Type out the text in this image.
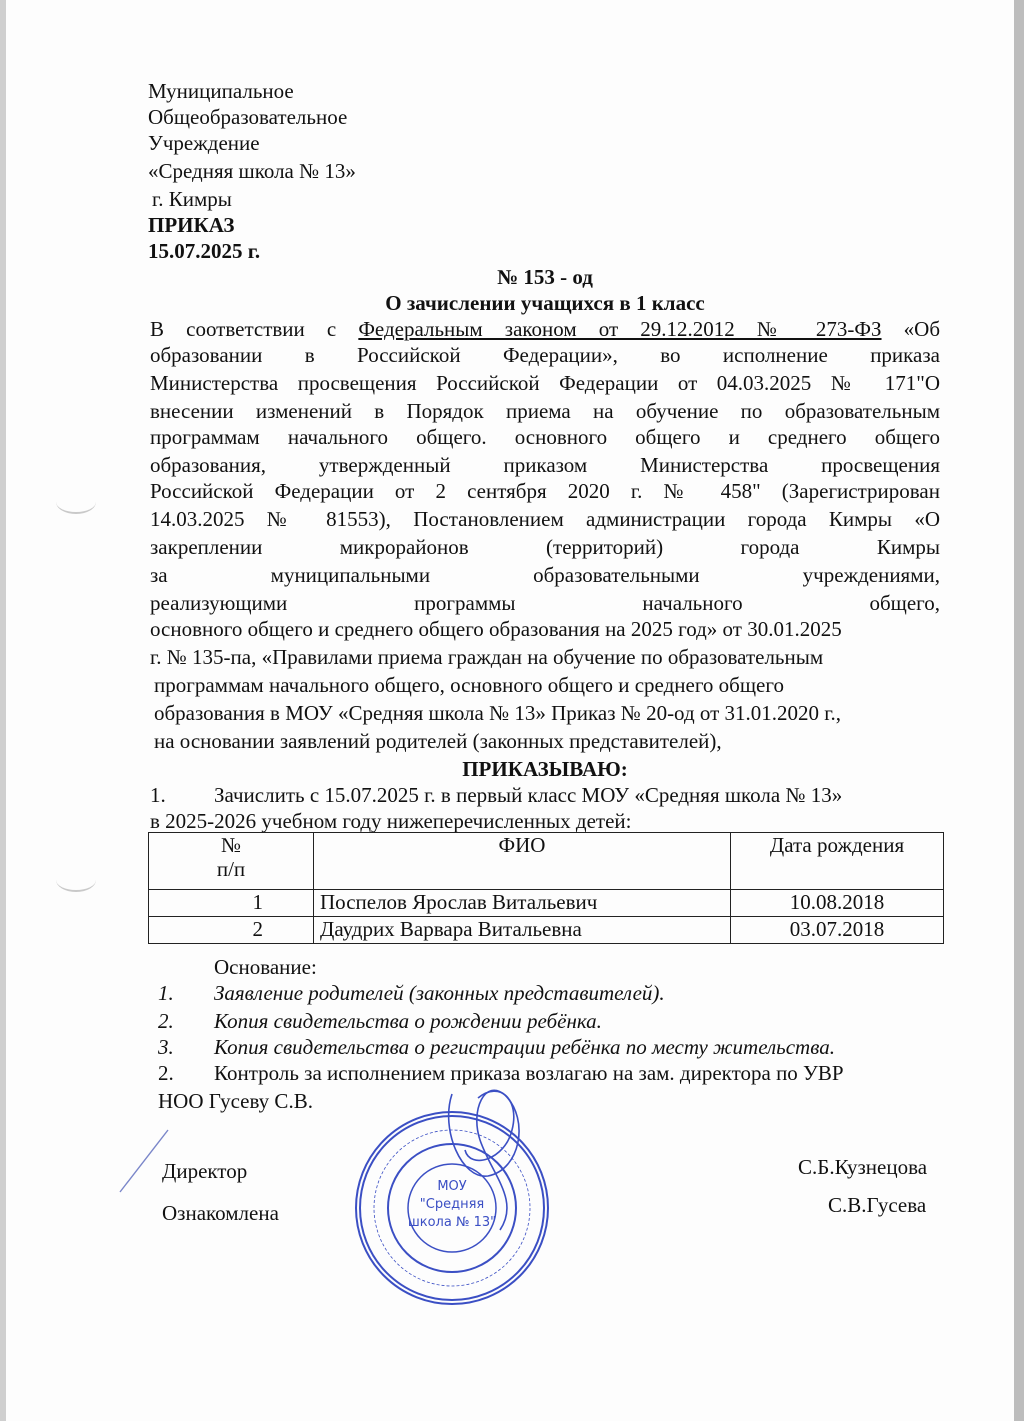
Муниципальное
Общеобразовательное
Учреждение
«Средняя школа № 13»
г. Кимры
ПРИКАЗ
15.07.2025 г.
№ 153 - од
О зачислении учащихся в 1 класс
В соответствии с Федеральным законом от 29.12.2012 № 273-ФЗ «Об
образовании в Российской Федерации», во исполнение приказа
Министерства просвещения Российской Федерации от 04.03.2025 № 171"О
внесении изменений в Порядок приема на обучение по образовательным
программам начального общего. основного общего и среднего общего
образования, утвержденный приказом Министерства просвещения
Российской Федерации от 2 сентября 2020 г. № 458" (Зарегистрирован
14.03.2025 № 81553), Постановлением администрации города Кимры «О
закреплении микрорайонов (территорий) города Кимры
за муниципальными образовательными учреждениями,
реализующими программы начального общего,
основного общего и среднего общего образования на 2025 год» от 30.01.2025
г. № 135-па, «Правилами приема граждан на обучение по образовательным
программам начального общего, основного общего и среднего общего
образования в МОУ «Средняя школа № 13» Приказ № 20-од от 31.01.2020 г.,
на основании заявлений родителей (законных представителей),
ПРИКАЗЫВАЮ:
1. Зачислить с 15.07.2025 г. в первый класс МОУ «Средняя школа № 13»
в 2025-2026 учебном году нижеперечисленных детей:
№
п/п	ФИО	Дата рождения
1	Поспелов Ярослав Витальевич	10.08.2018
2	Даудрих Варвара Витальевна	03.07.2018
Основание:
1. Заявление родителей (законных представителей).
2. Копия свидетельства о рождении ребёнка.
3. Копия свидетельства о регистрации ребёнка по месту жительства.
2. Контроль за исполнением приказа возлагаю на зам. директора по УВР
НОО Гусеву С.В.
Директор	С.Б.Кузнецова
Ознакомлена	С.В.Гусева
МОУ
"Средняя
школа № 13"
